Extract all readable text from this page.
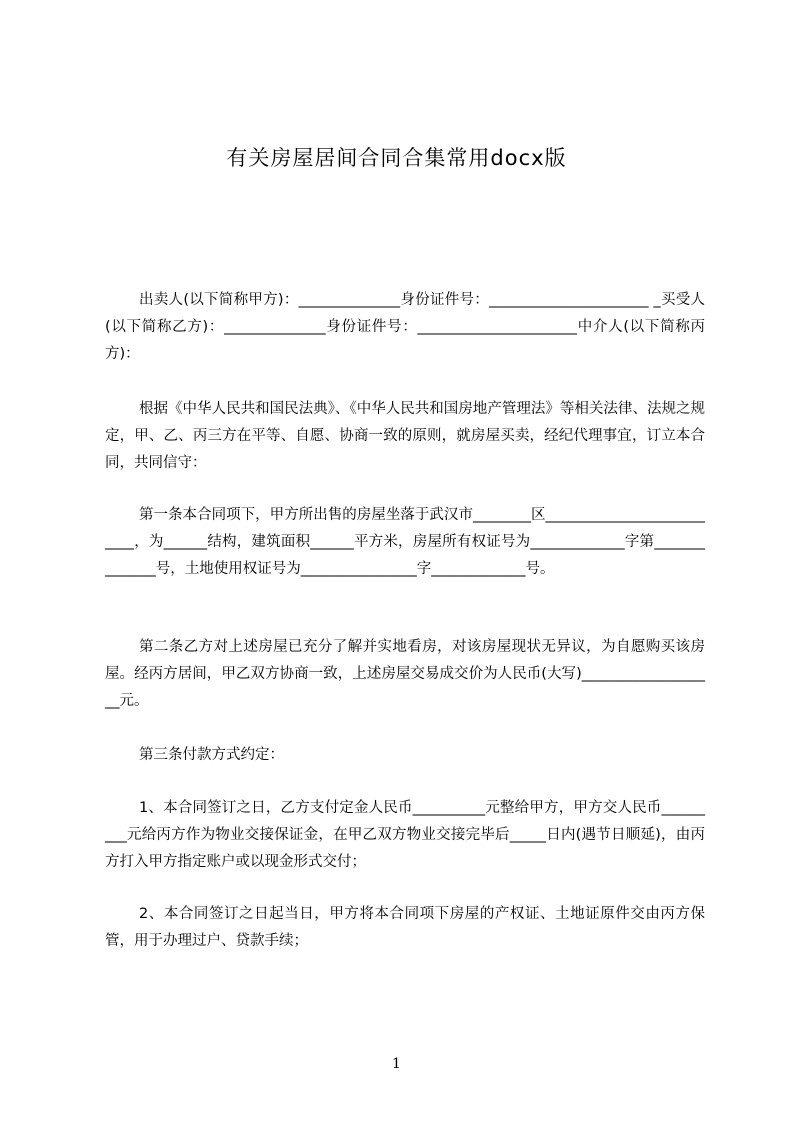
有关房屋居间合同合集常用docx版
出卖人(以下简称甲方)：______________身份证件号：______________________ _买受人(以下简称乙方)：______________身份证件号：______________________中介人(以下简称丙方)：
根据《中华人民共和国民法典》、《中华人民共和国房地产管理法》等相关法律、法规之规定，甲、乙、丙三方在平等、自愿、协商一致的原则，就房屋买卖，经纪代理事宜，订立本合同，共同信守：
第一条本合同项下，甲方所出售的房屋坐落于武汉市________区__________________________，为______结构，建筑面积______平方米，房屋所有权证号为_____________字第______________号，土地使用权证号为________________字_____________号。
第二条乙方对上述房屋已充分了解并实地看房，对该房屋现状无异议，为自愿购买该房屋。经丙方居间，甲乙双方协商一致，上述房屋交易成交价为人民币(大写)___________________元。
第三条付款方式约定：
1、本合同签订之日，乙方支付定金人民币__________元整给甲方，甲方交人民币_________元给丙方作为物业交接保证金，在甲乙双方物业交接完毕后_____日内(遇节日顺延)，由丙方打入甲方指定账户或以现金形式交付；
2、本合同签订之日起当日，甲方将本合同项下房屋的产权证、土地证原件交由丙方保管，用于办理过户、贷款手续；
1
